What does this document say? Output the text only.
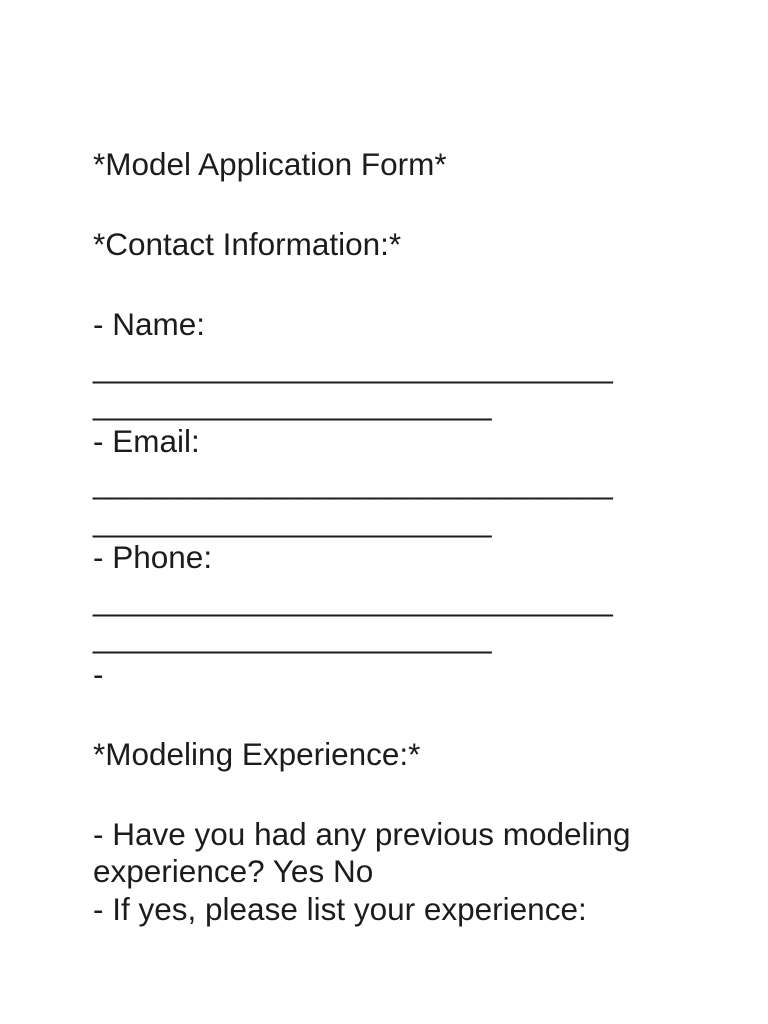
*Model Application Form*
*Contact Information:*
- Name:
______________________________
_______________________
- Email:
______________________________
_______________________
- Phone:
______________________________
_______________________
-
*Modeling Experience:*
- Have you had any previous modeling experience? Yes No
- If yes, please list your experience:
